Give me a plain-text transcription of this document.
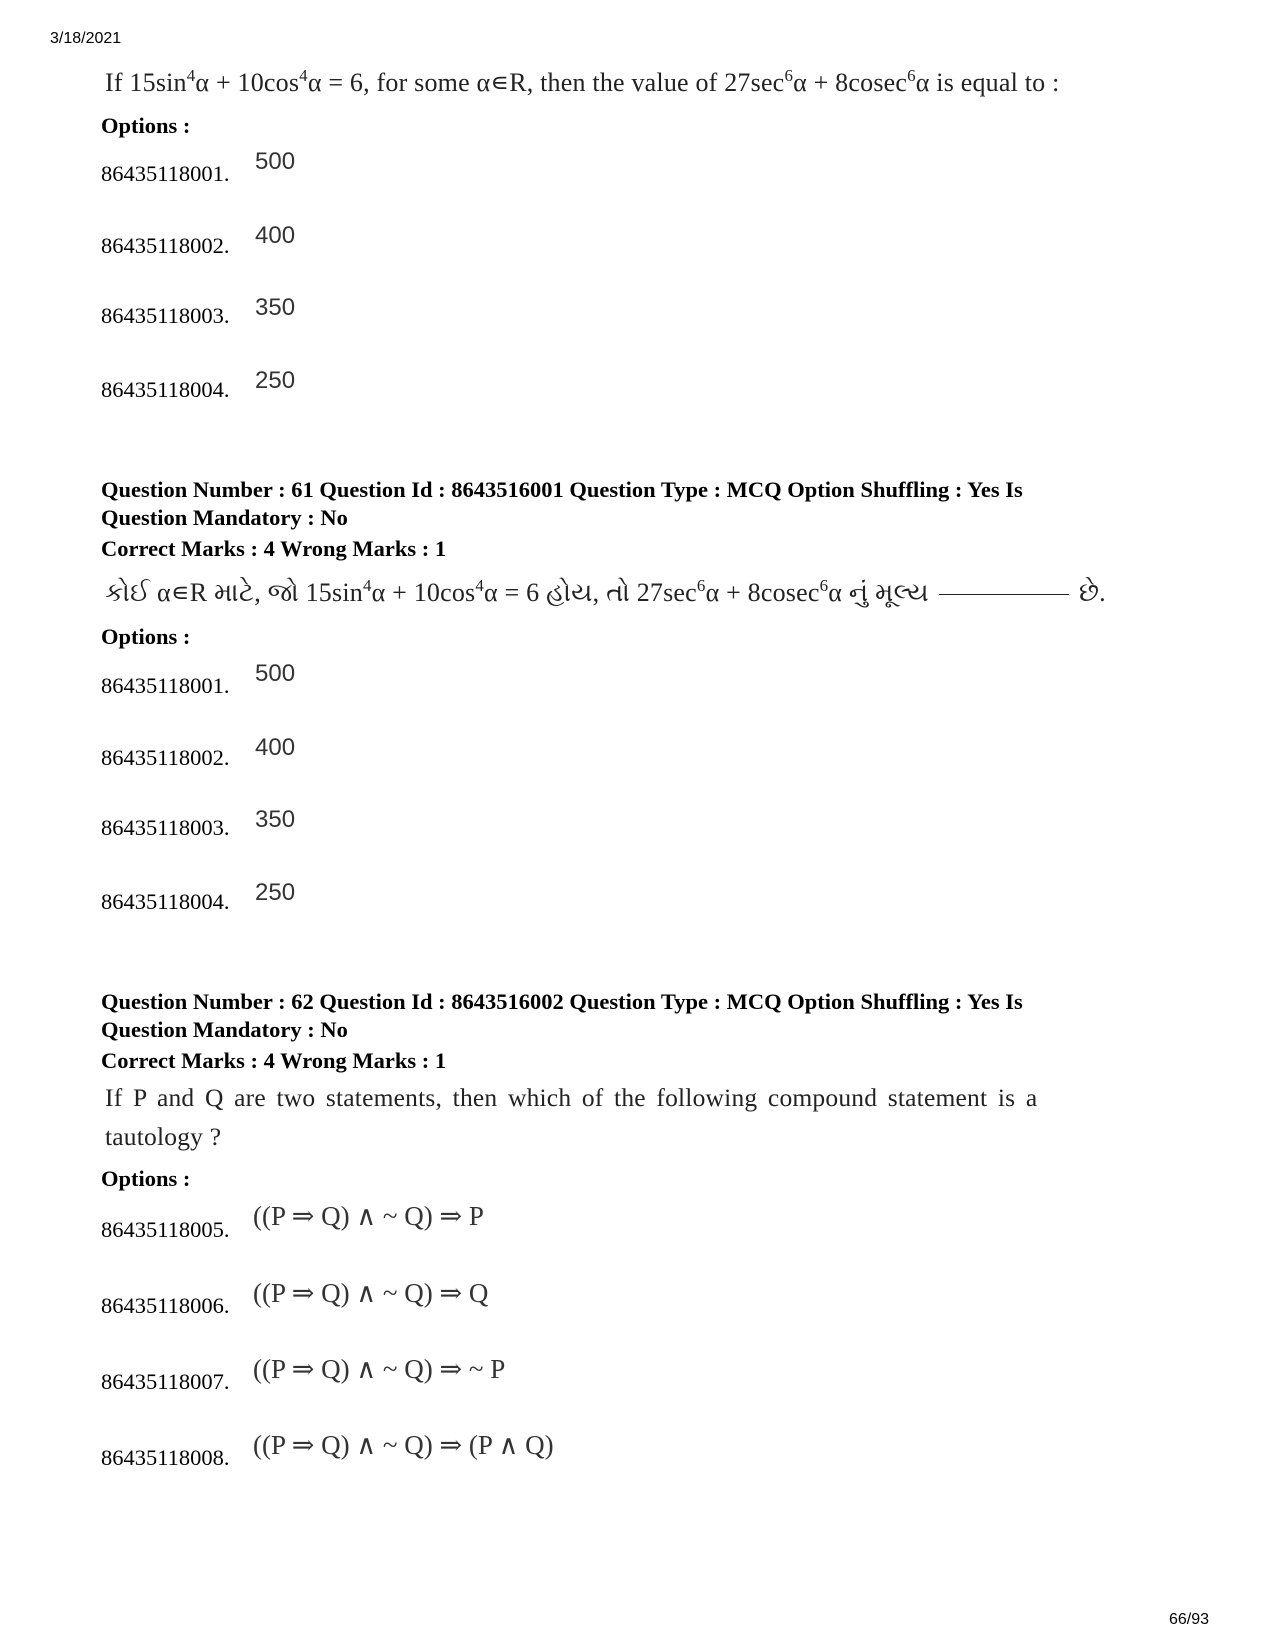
3/18/2021
If $15\sin^4\alpha + 10\cos^4\alpha = 6$, for some α∊R, then the value of $27\sec^6\alpha + 8cosec^6\alpha$ is equal to :
Options :
86435118001. 500
86435118002. 400
86435118003. 350
86435118004. 250
Question Number : 61 Question Id : 8643516001 Question Type : MCQ Option Shuffling : Yes Is
Question Mandatory : No
Correct Marks : 4 Wrong Marks : 1
કોઈ α∊R માટે, જો $15\sin^4\alpha + 10\cos^4\alpha = 6$ હોય, તો $27\sec^6\alpha + 8cosec^6\alpha$ નું મૂલ્ય	છે.
Options :
86435118001. 500
86435118002. 400
86435118003. 350
86435118004. 250
Question Number : 62 Question Id : 8643516002 Question Type : MCQ Option Shuffling : Yes Is
Question Mandatory : No
Correct Marks : 4 Wrong Marks : 1
If P and Q are two statements, then which of the following compound statement is a
tautology ?
Options :
86435118005. ((P ⇒ Q) ∧ ~ Q) ⇒ P
86435118006. ((P ⇒ Q) ∧ ~ Q) ⇒ Q
86435118007. ((P ⇒ Q) ∧ ~ Q) ⇒ ~ P
86435118008. ((P ⇒ Q) ∧ ~ Q) ⇒ (P ∧ Q)
66/93
